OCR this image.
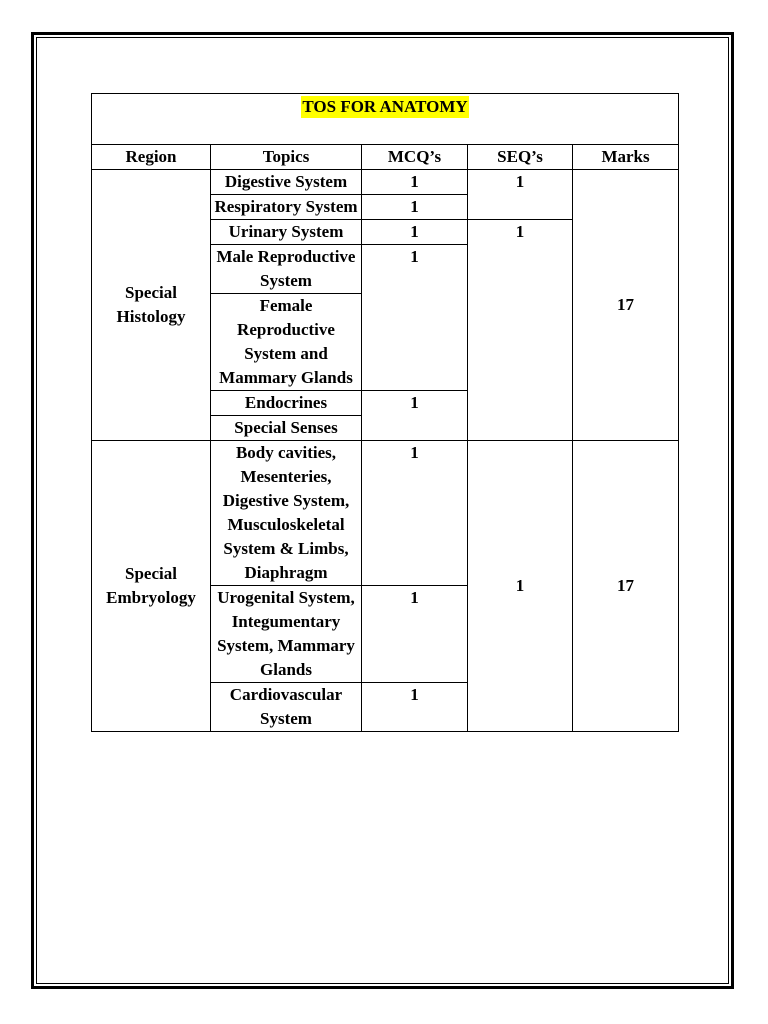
TOS FOR ANATOMY				
Region	Topics	MCQ’s	SEQ’s	Marks
Special Histology	Digestive System	1	1	17
	Respiratory System	1		
	Urinary System	1	1	
	Male Reproductive System	1		
	Female Reproductive System and Mammary Glands			
	Endocrines	1		
	Special Senses			
Special Embryology	Body cavities, Mesenteries, Digestive System, Musculoskeletal System & Limbs, Diaphragm	1	1	17
	Urogenital System, Integumentary System, Mammary Glands	1		
	Cardiovascular System	1		
